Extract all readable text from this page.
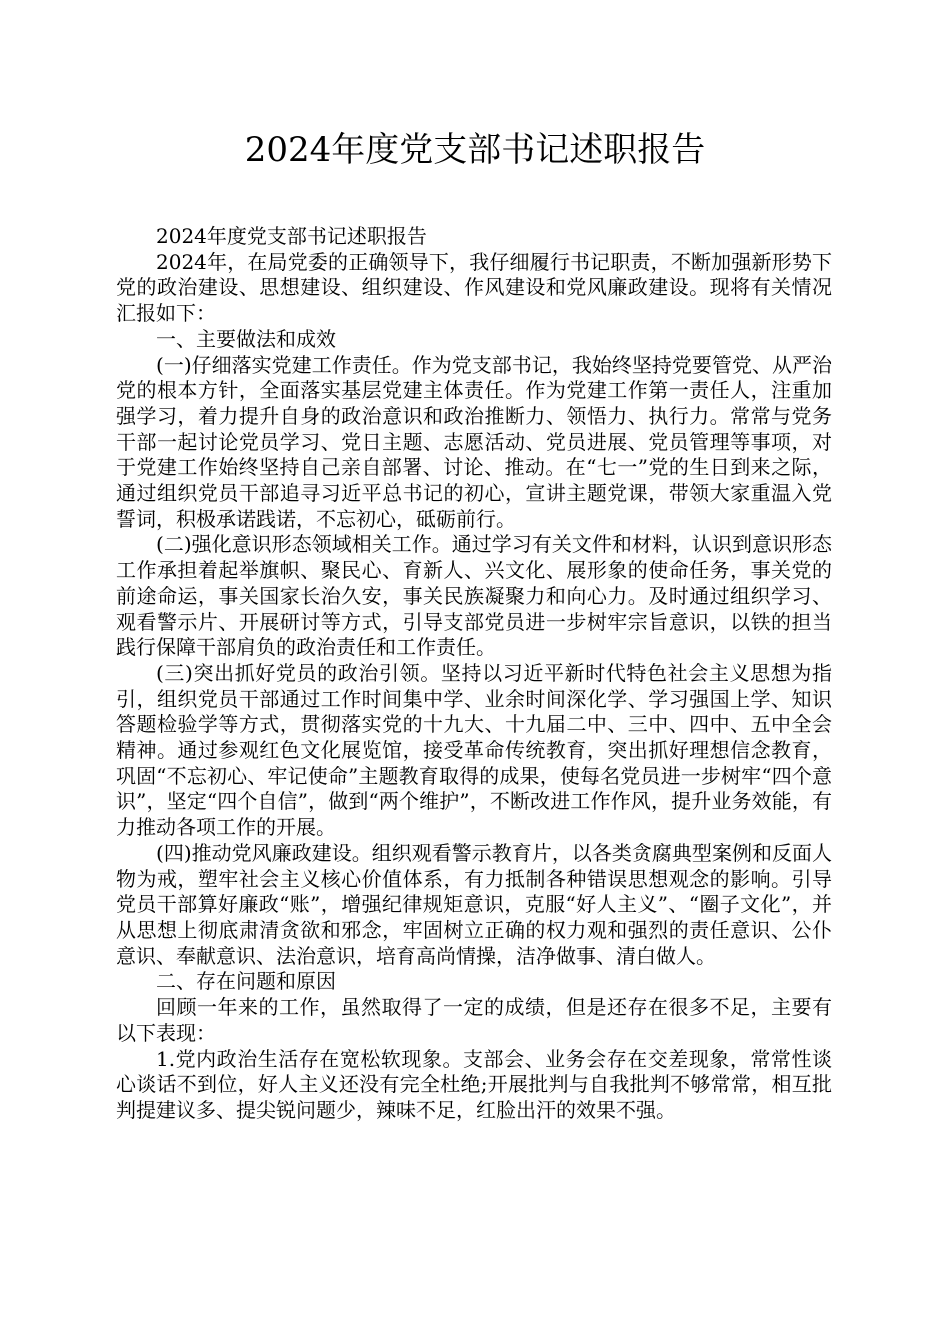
2024年度党支部书记述职报告

2024年度党支部书记述职报告

2024年，在局党委的正确领导下，我仔细履行书记职责，不断加强新形势下党的政治建设、思想建设、组织建设、作风建设和党风廉政建设。现将有关情况汇报如下：

一、主要做法和成效

(一)仔细落实党建工作责任。作为党支部书记，我始终坚持党要管党、从严治党的根本方针，全面落实基层党建主体责任。作为党建工作第一责任人，注重加强学习，着力提升自身的政治意识和政治推断力、领悟力、执行力。常常与党务干部一起讨论党员学习、党日主题、志愿活动、党员进展、党员管理等事项，对于党建工作始终坚持自己亲自部署、讨论、推动。在“七一”党的生日到来之际，通过组织党员干部追寻习近平总书记的初心，宣讲主题党课，带领大家重温入党誓词，积极承诺践诺，不忘初心，砥砺前行。

(二)强化意识形态领域相关工作。通过学习有关文件和材料，认识到意识形态工作承担着起举旗帜、聚民心、育新人、兴文化、展形象的使命任务，事关党的前途命运，事关国家长治久安，事关民族凝聚力和向心力。及时通过组织学习、观看警示片、开展研讨等方式，引导支部党员进一步树牢宗旨意识，以铁的担当践行保障干部肩负的政治责任和工作责任。

(三)突出抓好党员的政治引领。坚持以习近平新时代特色社会主义思想为指引，组织党员干部通过工作时间集中学、业余时间深化学、学习强国上学、知识答题检验学等方式，贯彻落实党的十九大、十九届二中、三中、四中、五中全会精神。通过参观红色文化展览馆，接受革命传统教育，突出抓好理想信念教育，巩固“不忘初心、牢记使命”主题教育取得的成果，使每名党员进一步树牢“四个意识”，坚定“四个自信”，做到“两个维护”，不断改进工作作风，提升业务效能，有力推动各项工作的开展。

(四)推动党风廉政建设。组织观看警示教育片，以各类贪腐典型案例和反面人物为戒，塑牢社会主义核心价值体系，有力抵制各种错误思想观念的影响。引导党员干部算好廉政“账”，增强纪律规矩意识，克服“好人主义”、“圈子文化”，并从思想上彻底肃清贪欲和邪念，牢固树立正确的权力观和强烈的责任意识、公仆意识、奉献意识、法治意识，培育高尚情操，洁净做事、清白做人。

二、存在问题和原因

回顾一年来的工作，虽然取得了一定的成绩，但是还存在很多不足，主要有以下表现：

1.党内政治生活存在宽松软现象。支部会、业务会存在交差现象，常常性谈心谈话不到位，好人主义还没有完全杜绝;开展批判与自我批判不够常常，相互批判提建议多、提尖锐问题少，辣味不足，红脸出汗的效果不强。
